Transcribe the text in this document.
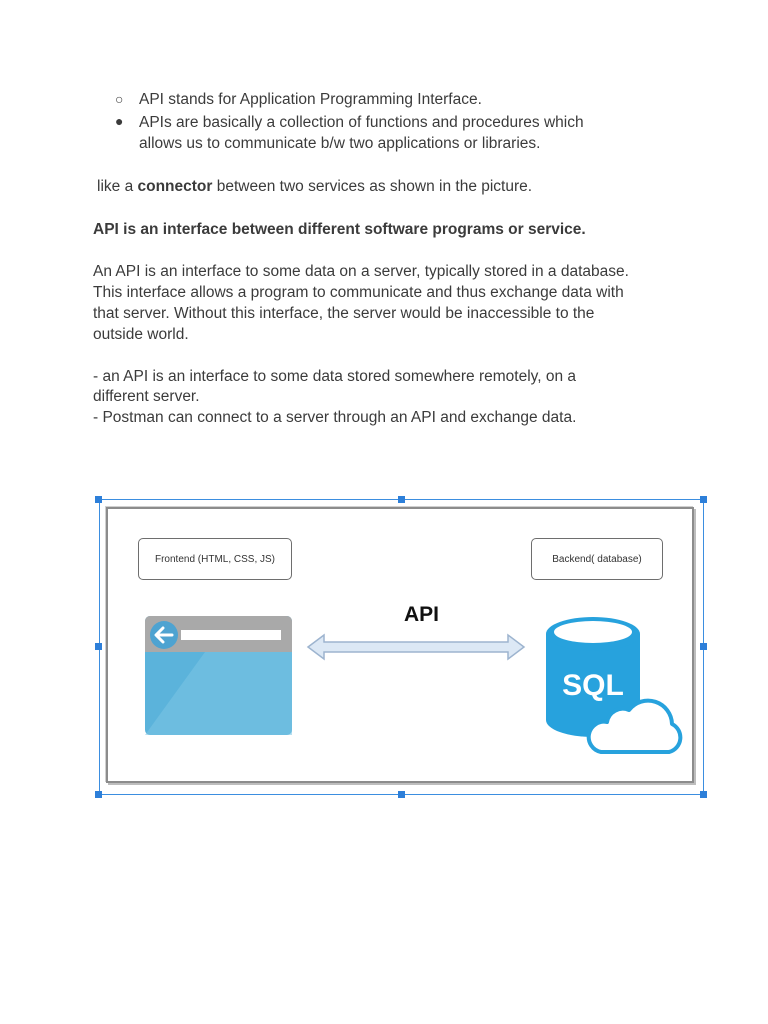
○ API stands for Application Programming Interface.
● APIs are basically a collection of functions and procedures which
allows us to communicate b/w two applications or libraries.
like a connector between two services as shown in the picture.
API is an interface between different software programs or service.
An API is an interface to some data on a server, typically stored in a database.
This interface allows a program to communicate and thus exchange data with
that server. Without this interface, the server would be inaccessible to the
outside world.
- an API is an interface to some data stored somewhere remotely, on a
different server.
- Postman can connect to a server through an API and exchange data.
Frontend (HTML, CSS, JS)	Backend( database)
API
SQL
